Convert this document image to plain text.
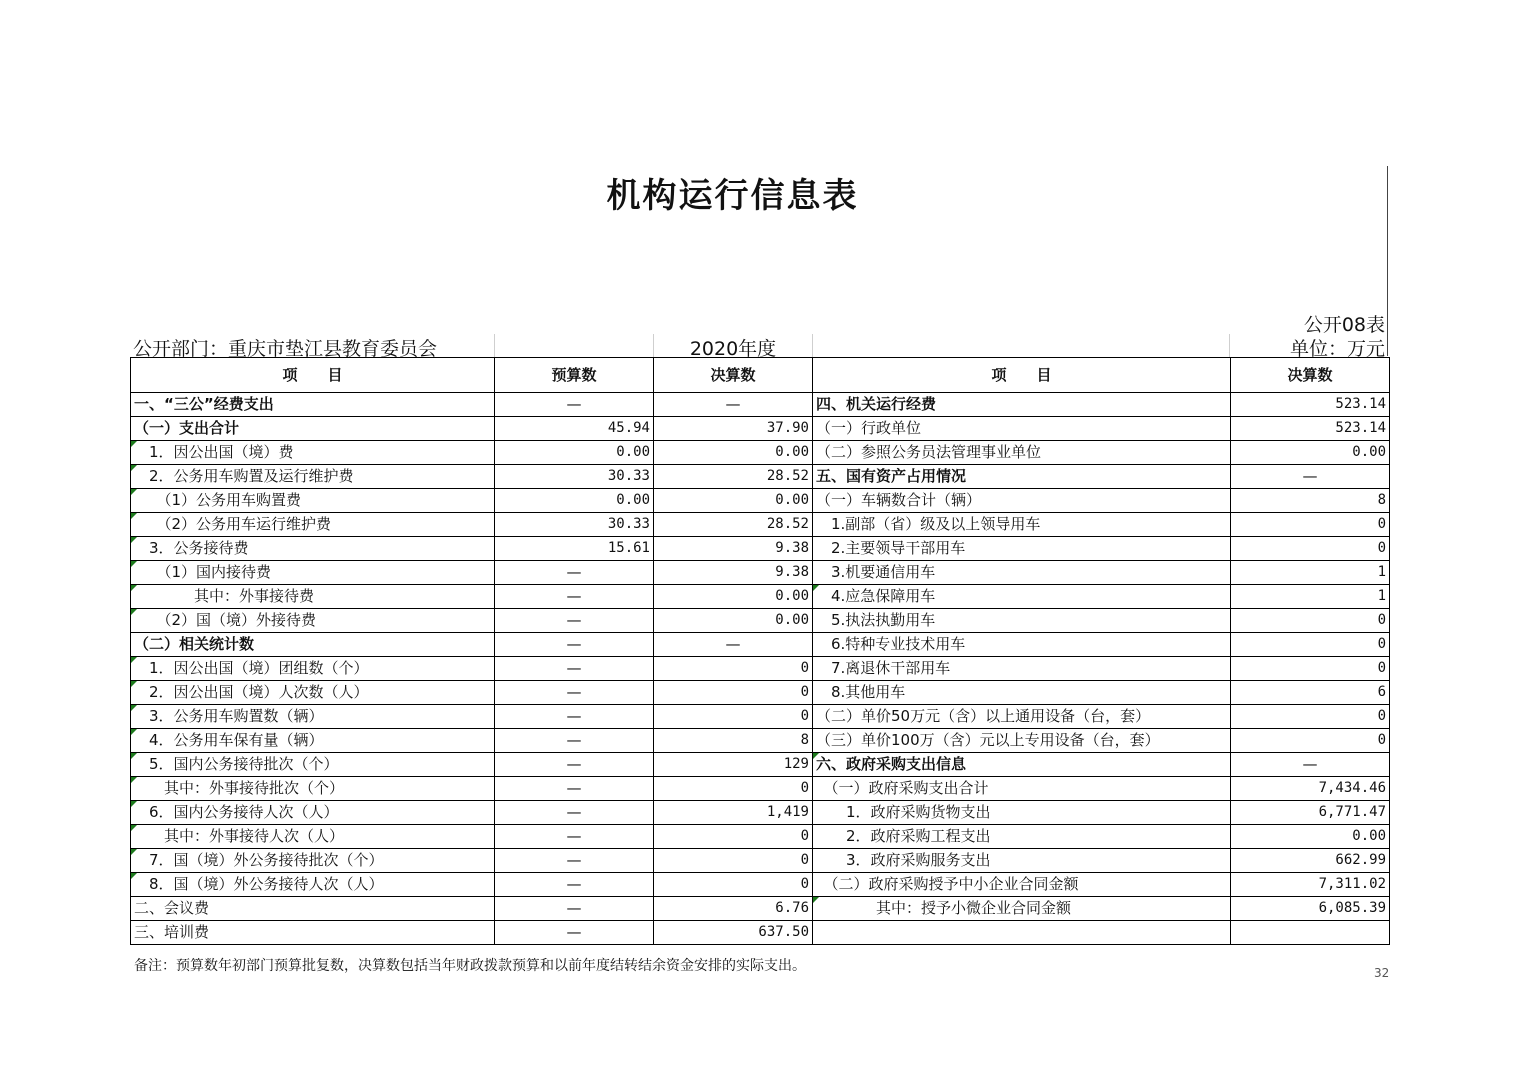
机构运行信息表
公开08表
公开部门：重庆市垫江县教育委员会	2020年度	单位：万元
项　　目	预算数	决算数	项　　目	决算数
一、“三公”经费支出	—	—	四、机关运行经费	523.14
（一）支出合计	45.94	37.90	（一）行政单位	523.14
　1．因公出国（境）费	0.00	0.00	（二）参照公务员法管理事业单位	0.00
　2．公务用车购置及运行维护费	30.33	28.52	五、国有资产占用情况	—
　　（1）公务用车购置费	0.00	0.00	（一）车辆数合计（辆）	8
　　（2）公务用车运行维护费	30.33	28.52	　1.副部（省）级及以上领导用车	0
　3．公务接待费	15.61	9.38	　2.主要领导干部用车	0
　　（1）国内接待费	—	9.38	　3.机要通信用车	1
　　　　其中：外事接待费	—	0.00	　4.应急保障用车	1
　　（2）国（境）外接待费	—	0.00	　5.执法执勤用车	0
（二）相关统计数	—	—	　6.特种专业技术用车	0
　1．因公出国（境）团组数（个）	—	0	　7.离退休干部用车	0
　2．因公出国（境）人次数（人）	—	0	　8.其他用车	6
　3．公务用车购置数（辆）	—	0	（二）单价50万元（含）以上通用设备（台，套）	0
　4．公务用车保有量（辆）	—	8	（三）单价100万（含）元以上专用设备（台，套）	0
　5．国内公务接待批次（个）	—	129	六、政府采购支出信息	—
　　其中：外事接待批次（个）	—	0	　（一）政府采购支出合计	7,434.46
　6．国内公务接待人次（人）	—	1,419	　　1．政府采购货物支出	6,771.47
　　其中：外事接待人次（人）	—	0	　　2．政府采购工程支出	0.00
　7．国（境）外公务接待批次（个）	—	0	　　3．政府采购服务支出	662.99
　8．国（境）外公务接待人次（人）	—	0	　（二）政府采购授予中小企业合同金额	7,311.02
二、会议费	—	6.76	　　　　其中：授予小微企业合同金额	6,085.39
三、培训费	—	637.50		
备注：预算数年初部门预算批复数，决算数包括当年财政拨款预算和以前年度结转结余资金安排的实际支出。	32
